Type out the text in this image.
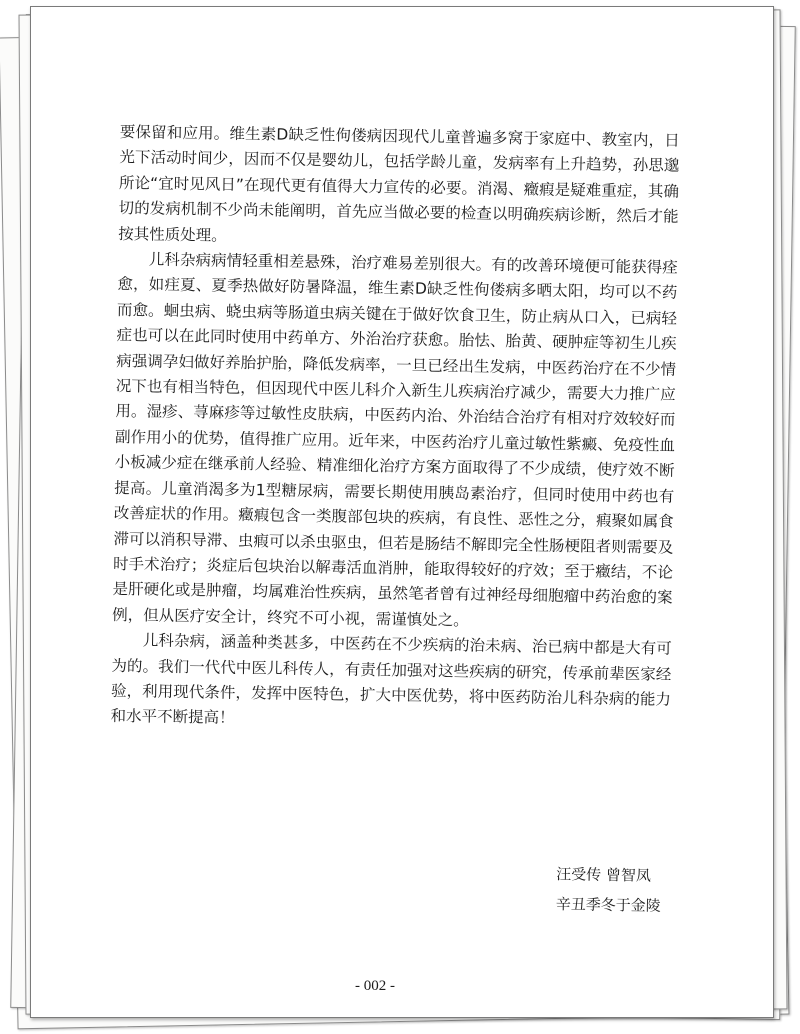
要保留和应用。维生素D缺乏性佝偻病因现代儿童普遍多窝于家庭中、教室内，日光下活动时间少，因而不仅是婴幼儿，包括学龄儿童，发病率有上升趋势，孙思邈所论“宜时见风日”在现代更有值得大力宣传的必要。消渴、癥瘕是疑难重症，其确切的发病机制不少尚未能阐明，首先应当做必要的检查以明确疾病诊断，然后才能按其性质处理。

儿科杂病病情轻重相差悬殊，治疗难易差别很大。有的改善环境便可能获得痊愈，如疰夏、夏季热做好防暑降温，维生素D缺乏性佝偻病多晒太阳，均可以不药而愈。蛔虫病、蛲虫病等肠道虫病关键在于做好饮食卫生，防止病从口入，已病轻症也可以在此同时使用中药单方、外治治疗获愈。胎怯、胎黄、硬肿症等初生儿疾病强调孕妇做好养胎护胎，降低发病率，一旦已经出生发病，中医药治疗在不少情况下也有相当特色，但因现代中医儿科介入新生儿疾病治疗减少，需要大力推广应用。湿疹、荨麻疹等过敏性皮肤病，中医药内治、外治结合治疗有相对疗效较好而副作用小的优势，值得推广应用。近年来，中医药治疗儿童过敏性紫癜、免疫性血小板减少症在继承前人经验、精准细化治疗方案方面取得了不少成绩，使疗效不断提高。儿童消渴多为1型糖尿病，需要长期使用胰岛素治疗，但同时使用中药也有改善症状的作用。癥瘕包含一类腹部包块的疾病，有良性、恶性之分，瘕聚如属食滞可以消积导滞、虫瘕可以杀虫驱虫，但若是肠结不解即完全性肠梗阻者则需要及时手术治疗；炎症后包块治以解毒活血消肿，能取得较好的疗效；至于癥结，不论是肝硬化或是肿瘤，均属难治性疾病，虽然笔者曾有过神经母细胞瘤中药治愈的案例，但从医疗安全计，终究不可小视，需谨慎处之。

儿科杂病，涵盖种类甚多，中医药在不少疾病的治未病、治已病中都是大有可为的。我们一代代中医儿科传人，有责任加强对这些疾病的研究，传承前辈医家经验，利用现代条件，发挥中医特色，扩大中医优势，将中医药防治儿科杂病的能力和水平不断提高！

汪受传 曾智凤
辛丑季冬于金陵
- 002 -
